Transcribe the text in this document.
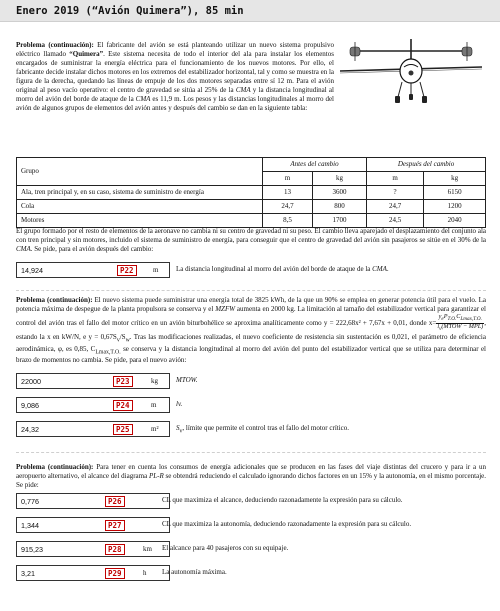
Enero 2019 (“Avión Quimera”), 85 min
Problema (continuación): El fabricante del avión se está planteando utilizar un nuevo sistema propulsivo eléctrico llamado “Quimera”. Este sistema necesita de todo el interior del ala para instalar los elementos encargados de suministrar la energía eléctrica para el funcionamiento de los nuevos motores. Por ello, el fabricante decide instalar dichos motores en los extremos del estabilizador horizontal, tal y como se muestra en la figura de la derecha, quedando las líneas de empuje de los dos motores separadas entre sí 12 m. Para el avión original al peso vacío operativo: el centro de gravedad se sitúa al 25% de la CMA y la distancia longitudinal al morro del avión del borde de ataque de la CMA es 11,9 m. Los pesos y las distancias longitudinales al morro del avión de algunos grupos de elementos del avión antes y después del cambio se dan en la siguiente tabla:
Grupo	Antes del cambio		Después del cambio	
	m	kg	m	kg
Ala, tren principal y, en su caso, sistema de suministro de energía	13	3600	?	6150
Cola	24,7	800	24,7	1200
Motores	8,5	1700	24,5	2040
El grupo formado por el resto de elementos de la aeronave no cambia ni su centro de gravedad ni su peso. El cambio lleva aparejado el desplazamiento del conjunto ala con tren principal y sin motores, incluido el sistema de suministro de energía, para conseguir que el centro de gravedad del avión sin pasajeros se sitúe en el 30% de la CMA. Se pide, para el avión después del cambio:
14,924	P22	m	La distancia longitudinal al morro del avión del borde de ataque de la CMA.
Problema (continuación): El nuevo sistema puede suministrar una energía total de 3825 kWh, de la que un 90% se emplea en generar potencia útil para el vuelo. La potencia máxima de despegue de la planta propulsora se conserva y el MZFW aumenta en 2000 kg. La limitación al tamaño del estabilizador vertical para garantizar el control del avión tras el fallo del motor crítico en un avión biturbohélice se aproxima analíticamente como y = 222,68x² + 7,67x + 0,01, donde $x= \frac{y_eP_{T.O.}C_{Lmax,T.O.}}{l_v(MTOW - MPL)}$ , estando la x en kW/N, e $y = 0,67S_v/S_w$. Tras las modificaciones realizadas, el nuevo coeficiente de resistencia sin sustentación es 0,021, el parámetro de eficiencia aerodinámica, φ, es 0,85, $C_{Lmax,T.O.}$ se conserva y la distancia longitudinal al morro del avión del punto del estabilizador vertical que se utiliza para determinar el brazo de momentos no cambia. Se pide, para el nuevo avión:
22000	P23	kg	MTOW.
9,086	P24	m	lv.
24,32	P25	m² $S_v$, límite que permite el control tras el fallo del motor crítico.
Problema (continuación): Para tener en cuenta los consumos de energía adicionales que se producen en las fases del viaje distintas del crucero y para ir a un aeropuerto alternativo, el alcance del diagrama PL-R se obtendrá reduciendo el calculado ignorando dichos factores en un 15% y la autonomía, en el mismo porcentaje. Se pide:
0,776	P26	CL que maximiza el alcance, deduciendo razonadamente la expresión para su cálculo.
1,344	P27	CL que maximiza la autonomía, deduciendo razonadamente la expresión para su cálculo.
915,23	P28	km El alcance para 40 pasajeros con su equipaje.
3,21	P29	h La autonomía máxima.
